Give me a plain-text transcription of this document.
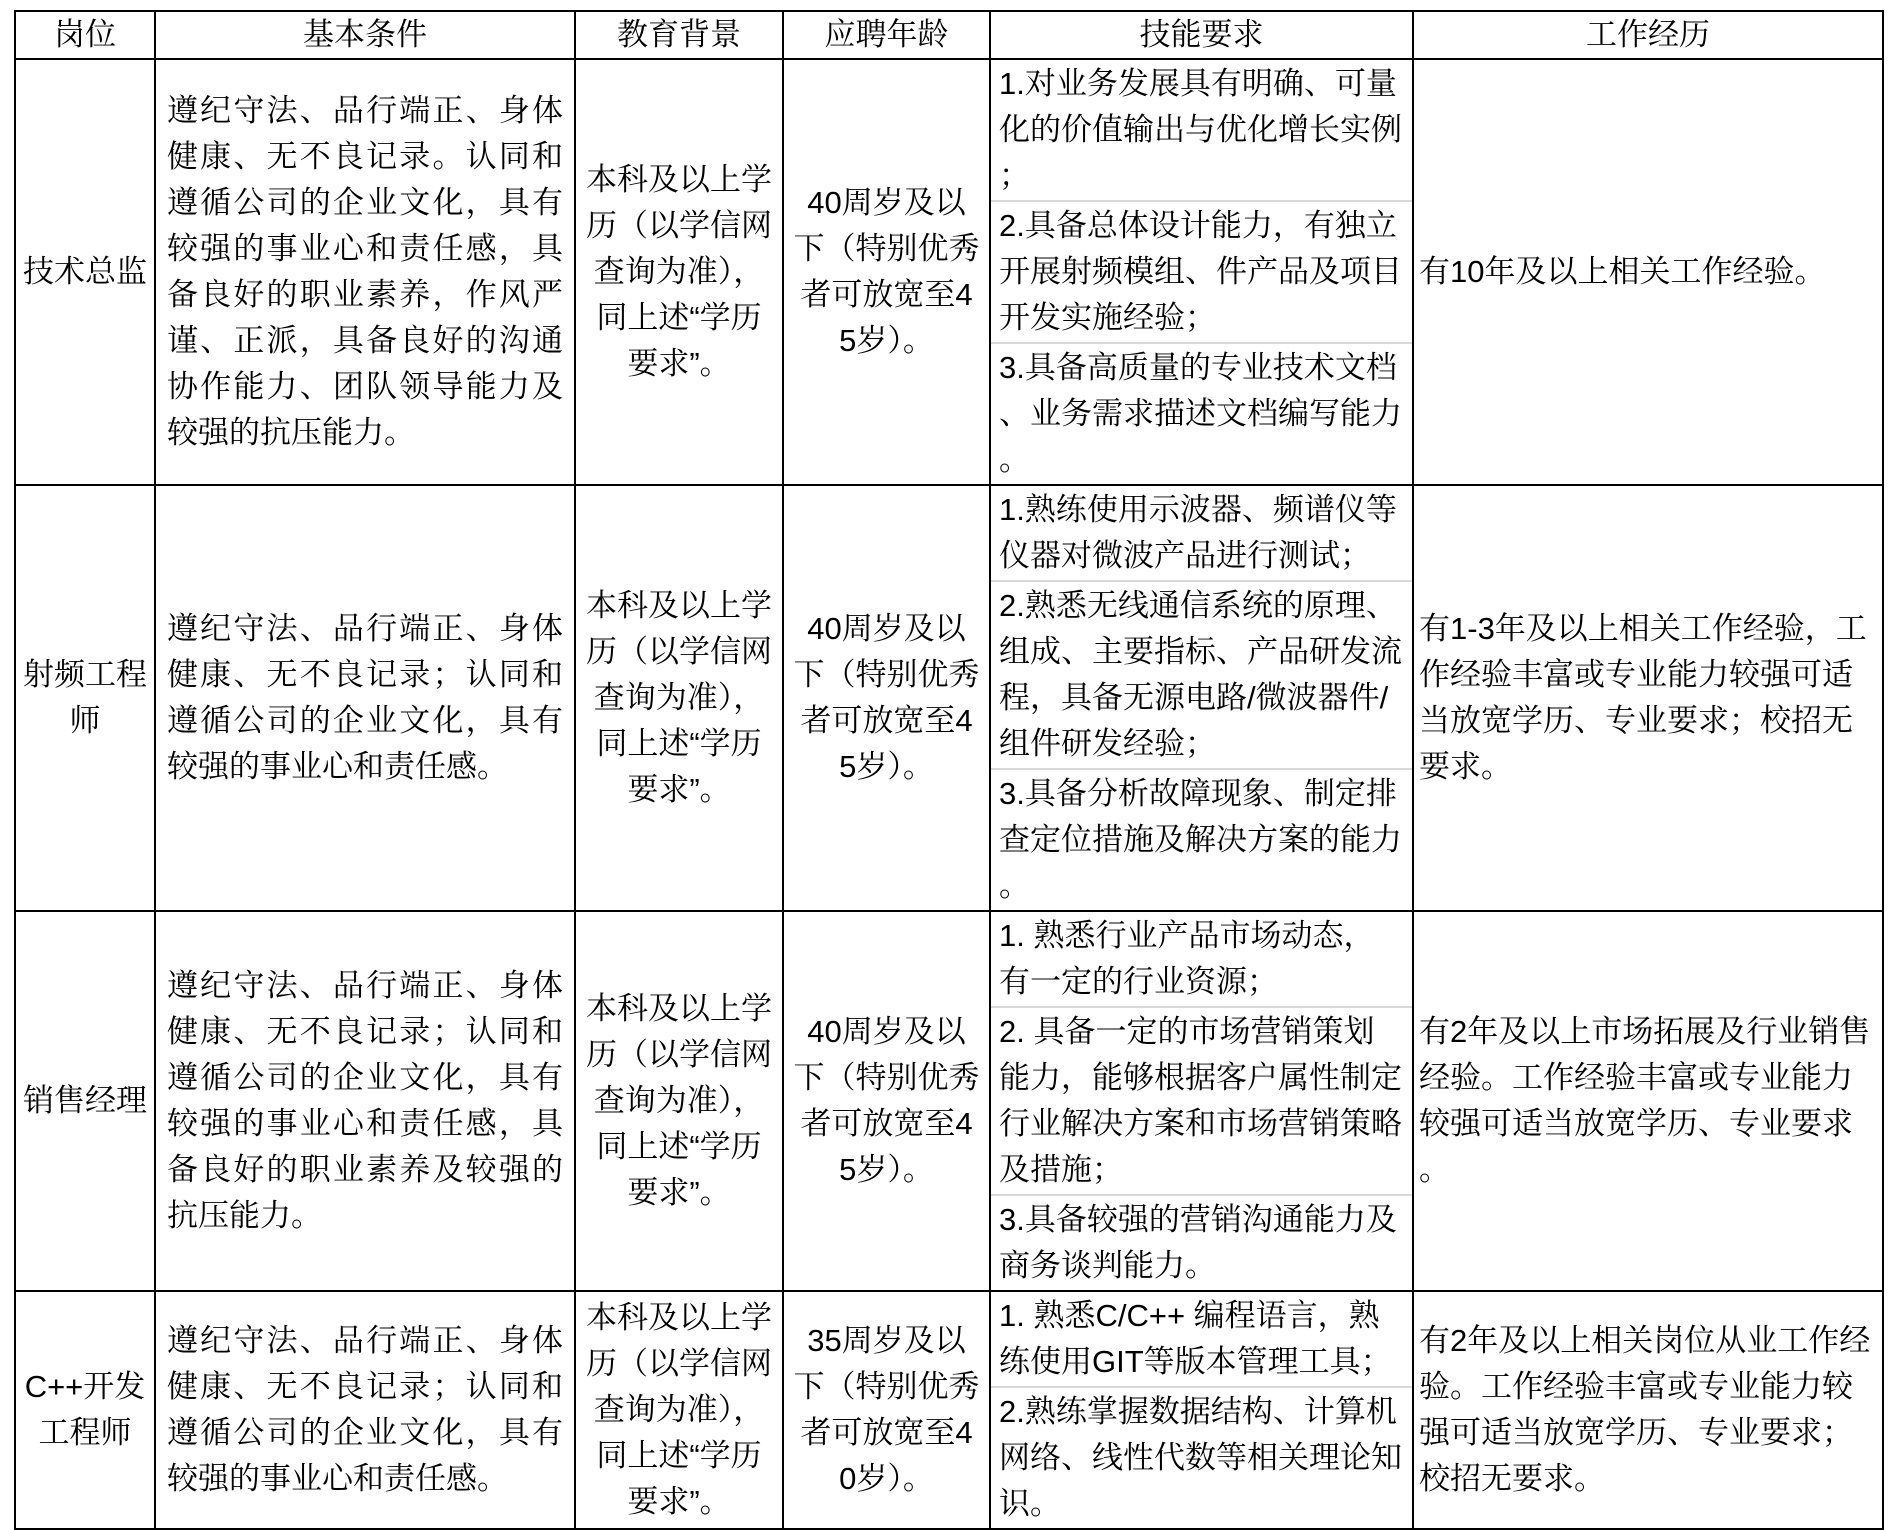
岗位	基本条件	教育背景	应聘年龄	技能要求	工作经历
技术总监	遵纪守法、品行端正、身体健康、无不良记录。认同和遵循公司的企业文化，具有较强的事业心和责任感，具备良好的职业素养，作风严谨、正派，具备良好的沟通协作能力、团队领导能力及较强的抗压能力。	本科及以上学历（以学信网查询为准），同上述“学历要求”。	40周岁及以下（特别优秀者可放宽至45岁）。	1.对业务发展具有明确、可量化的价值输出与优化增长实例；
2.具备总体设计能力，有独立开展射频模组、件产品及项目开发实施经验；
3.具备高质量的专业技术文档、业务需求描述文档编写能力。	有10年及以上相关工作经验。
射频工程师	遵纪守法、品行端正、身体健康、无不良记录；认同和遵循公司的企业文化，具有较强的事业心和责任感。	本科及以上学历（以学信网查询为准），同上述“学历要求”。	40周岁及以下（特别优秀者可放宽至45岁）。	1.熟练使用示波器、频谱仪等仪器对微波产品进行测试；
2.熟悉无线通信系统的原理、组成、主要指标、产品研发流程，具备无源电路/微波器件/组件研发经验；
3.具备分析故障现象、制定排查定位措施及解决方案的能力。	有1-3年及以上相关工作经验，工作经验丰富或专业能力较强可适当放宽学历、专业要求；校招无要求。
销售经理	遵纪守法、品行端正、身体健康、无不良记录；认同和遵循公司的企业文化，具有较强的事业心和责任感，具备良好的职业素养及较强的抗压能力。	本科及以上学历（以学信网查询为准），同上述“学历要求”。	40周岁及以下（特别优秀者可放宽至45岁）。	1. 熟悉行业产品市场动态，有一定的行业资源；
2. 具备一定的市场营销策划能力，能够根据客户属性制定行业解决方案和市场营销策略及措施；
3.具备较强的营销沟通能力及商务谈判能力。	有2年及以上市场拓展及行业销售经验。工作经验丰富或专业能力较强可适当放宽学历、专业要求。
C++开发工程师	遵纪守法、品行端正、身体健康、无不良记录；认同和遵循公司的企业文化，具有较强的事业心和责任感。	本科及以上学历（以学信网查询为准），同上述“学历要求”。	35周岁及以下（特别优秀者可放宽至40岁）。	1. 熟悉C/C++ 编程语言，熟练使用GIT等版本管理工具；
2.熟练掌握数据结构、计算机网络、线性代数等相关理论知识。	有2年及以上相关岗位从业工作经验。工作经验丰富或专业能力较强可适当放宽学历、专业要求；校招无要求。
